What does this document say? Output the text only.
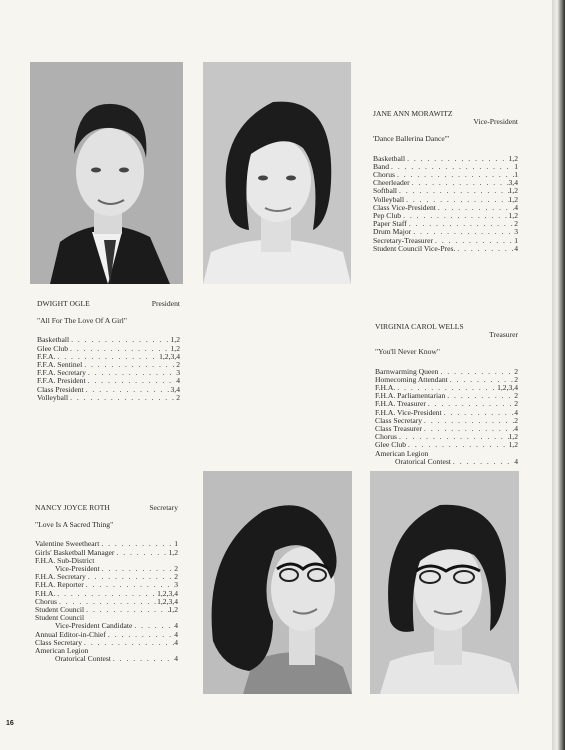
JANE ANN MORAWITZ
Vice-President
'Dance Ballerina Dance'"
Basketball . . .	1,2
Band . . .	1
Chorus . . .	1
Cheerleader . . .	3,4
Softball . . .	1,2
Volleyball . . .	1,2
Class Vice-President . . .	4
Pep Club . . .	1,2
Paper Staff . . .	2
Drum Major . . .	3
Secretary-Treasurer . . .	1
Student Council Vice-Pres. . . .	4
DWIGHT OGLE	President
"All For The Love Of A Girl"
Basketball . . .	1,2
Glee Club . . .	1,2
F.F.A. . . .	1,2,3,4
F.F.A. Sentinel . . .	2
F.F.A. Secretary . . .	3
F.F.A. President . . .	4
Class President . . .	3,4
Volleyball . . .	2
VIRGINIA CAROL WELLS
Treasurer
"You'll Never Know"
Barnwarming Queen . . .	2
Homecoming Attendant . . .	2
F.H.A. . . .	1,2,3,4
F.H.A. Parliamentarian . . .	2
F.H.A. Treasurer . . .	2
F.H.A. Vice-President . . .	4
Class Secretary . . .	2
Class Treasurer . . .	4
Chorus . . .	1,2
Glee Club . . .	1,2
American Legion
Oratorical Contest . . .	4
NANCY JOYCE ROTH	Secretary
"Love Is A Sacred Thing"
Valentine Sweetheart . . .	1
Girls' Basketball Manager . . .	1,2
F.H.A. Sub-District
Vice-President . . .	2
F.H.A. Secretary . . .	2
F.H.A. Reporter . . .	3
F.H.A. . . .	1,2,3,4
Chorus . . .	1,2,3,4
Student Council . . .	1,2
Student Council
Vice-President Candidate . . .	4
Annual Editor-in-Chief . . .	4
Class Secretary . . .	4
American Legion
Oratorical Contest . . .	4
16
